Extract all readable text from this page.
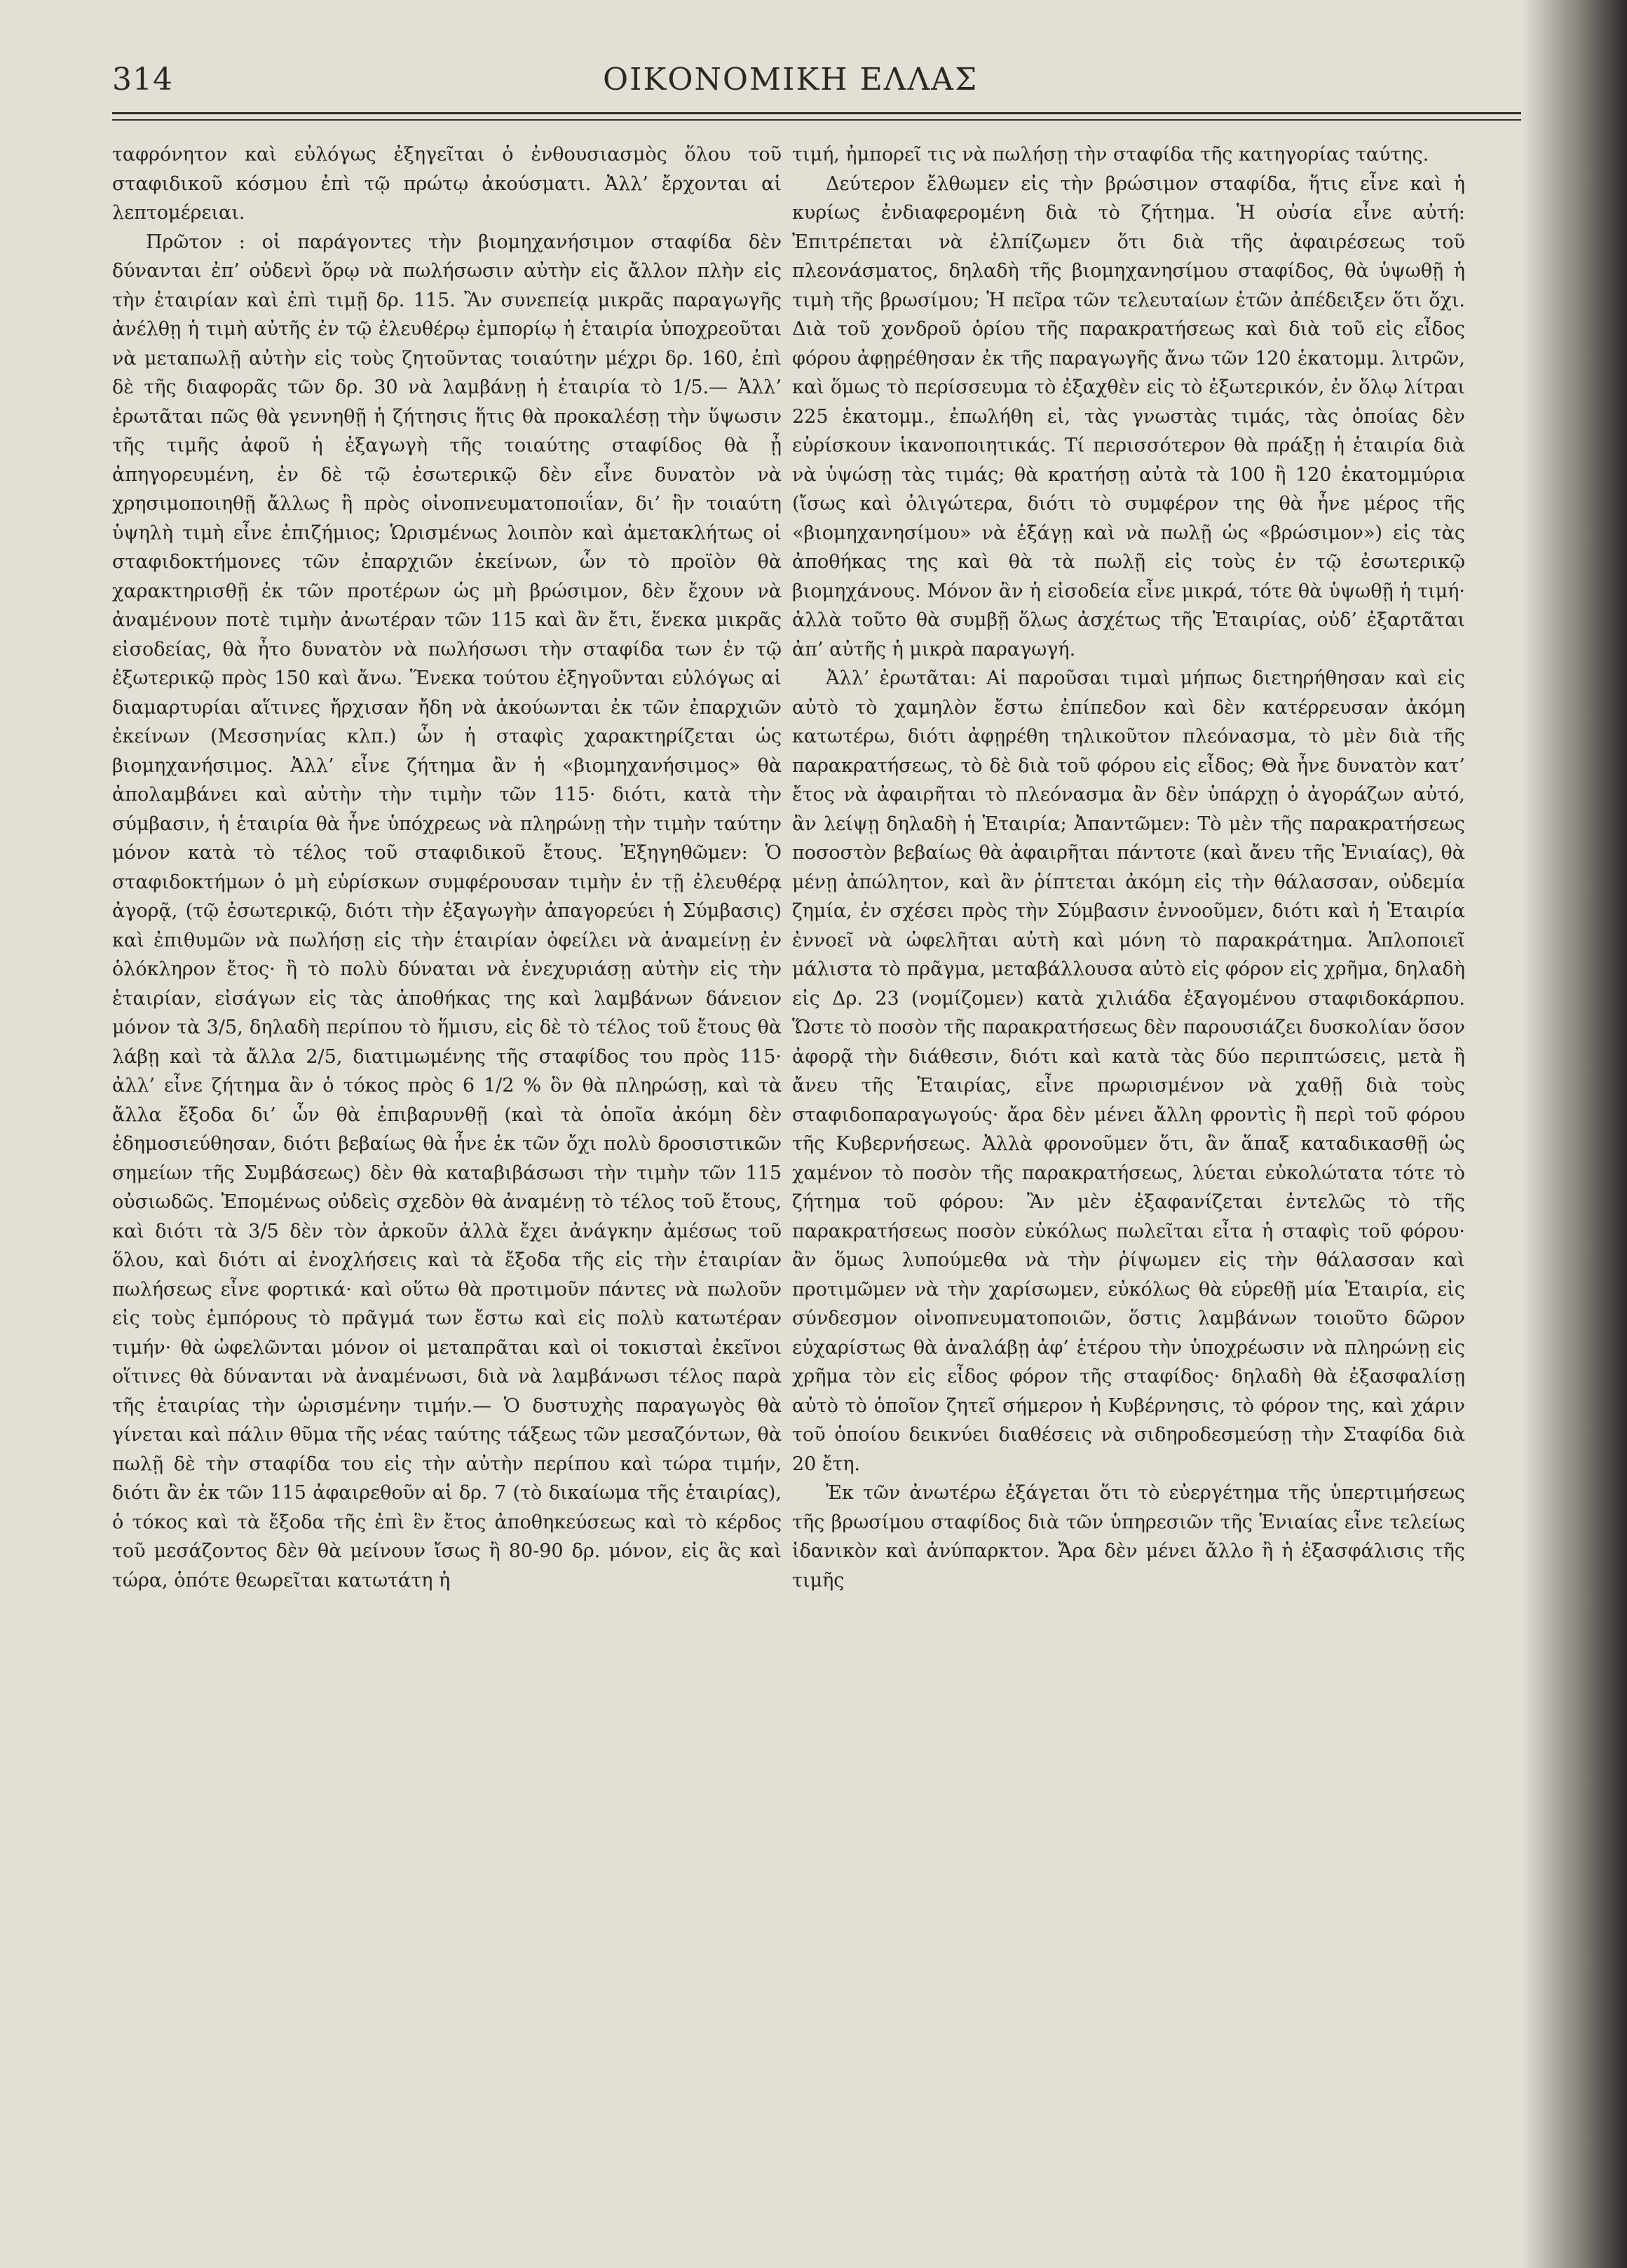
314	ΟΙΚΟΝΟΜΙΚΗ ΕΛΛΑΣ

ταφρόνητον καὶ εὐλόγως ἐξηγεῖται ὁ ἐνθουσιασμὸς ὅλου τοῦ σταφιδικοῦ κόσμου ἐπὶ τῷ πρώτῳ ἀκούσματι. Ἀλλ’ ἔρχονται αἱ λεπτομέρειαι.

Πρῶτον : οἱ παράγοντες τὴν βιομηχανήσιμον σταφίδα δὲν δύνανται ἐπ’ οὐδενὶ ὅρῳ νὰ πωλήσωσιν αὐτὴν εἰς ἄλλον πλὴν εἰς τὴν ἑταιρίαν καὶ ἐπὶ τιμῇ δρ. 115. Ἂν συνεπείᾳ μικρᾶς παραγωγῆς ἀνέλθῃ ἡ τιμὴ αὐτῆς ἐν τῷ ἐλευθέρῳ ἐμπορίῳ ἡ ἑταιρία ὑποχρεοῦται νὰ μεταπωλῇ αὐτὴν εἰς τοὺς ζητοῦντας τοιαύτην μέχρι δρ. 160, ἐπὶ δὲ τῆς διαφορᾶς τῶν δρ. 30 νὰ λαμβάνῃ ἡ ἑταιρία τὸ 1/5.— Ἀλλ’ ἐρωτᾶται πῶς θὰ γεννηθῇ ἡ ζήτησις ἥτις θὰ προκαλέσῃ τὴν ὕψωσιν τῆς τιμῆς ἀφοῦ ἡ ἐξαγωγὴ τῆς τοιαύτης σταφίδος θὰ ᾖ ἀπηγορευμένη, ἐν δὲ τῷ ἐσωτερικῷ δὲν εἶνε δυνατὸν νὰ χρησιμοποιηθῇ ἄλλως ἢ πρὸς οἰνοπνευματοποιΐαν, δι’ ἣν τοιαύτη ὑψηλὴ τιμὴ εἶνε ἐπιζήμιος; Ὡρισμένως λοιπὸν καὶ ἀμετακλήτως οἱ σταφιδοκτήμονες τῶν ἐπαρχιῶν ἐκείνων, ὧν τὸ προϊὸν θὰ χαρακτηρισθῇ ἐκ τῶν προτέρων ὡς μὴ βρώσιμον, δὲν ἔχουν νὰ ἀναμένουν ποτὲ τιμὴν ἀνωτέραν τῶν 115 καὶ ἂν ἔτι, ἕνεκα μικρᾶς εἰσοδείας, θὰ ἦτο δυνατὸν νὰ πωλήσωσι τὴν σταφίδα των ἐν τῷ ἐξωτερικῷ πρὸς 150 καὶ ἄνω. Ἕνεκα τούτου ἐξηγοῦνται εὐλόγως αἱ διαμαρτυρίαι αἵτινες ἤρχισαν ἤδη νὰ ἀκούωνται ἐκ τῶν ἐπαρχιῶν ἐκείνων (Μεσσηνίας κλπ.) ὧν ἡ σταφὶς χαρακτηρίζεται ὡς βιομηχανήσιμος. Ἀλλ’ εἶνε ζήτημα ἂν ἡ «βιομηχανήσιμος» θὰ ἀπολαμβάνει καὶ αὐτὴν τὴν τιμὴν τῶν 115· διότι, κατὰ τὴν σύμβασιν, ἡ ἑταιρία θὰ ἦνε ὑπόχρεως νὰ πληρώνῃ τὴν τιμὴν ταύτην μόνον κατὰ τὸ τέλος τοῦ σταφιδικοῦ ἔτους. Ἐξηγηθῶμεν: Ὁ σταφιδοκτήμων ὁ μὴ εὑρίσκων συμφέρουσαν τιμὴν ἐν τῇ ἐλευθέρᾳ ἀγορᾷ, (τῷ ἐσωτερικῷ, διότι τὴν ἐξαγωγὴν ἀπαγορεύει ἡ Σύμβασις) καὶ ἐπιθυμῶν νὰ πωλήσῃ εἰς τὴν ἑταιρίαν ὀφείλει νὰ ἀναμείνῃ ἐν ὁλόκληρον ἔτος· ἢ τὸ πολὺ δύναται νὰ ἐνεχυριάσῃ αὐτὴν εἰς τὴν ἑταιρίαν, εἰσάγων εἰς τὰς ἀποθήκας της καὶ λαμβάνων δάνειον μόνον τὰ 3/5, δηλαδὴ περίπου τὸ ἥμισυ, εἰς δὲ τὸ τέλος τοῦ ἔτους θὰ λάβῃ καὶ τὰ ἄλλα 2/5, διατιμωμένης τῆς σταφίδος του πρὸς 115· ἀλλ’ εἶνε ζήτημα ἂν ὁ τόκος πρὸς 6 1/2 % ὃν θὰ πληρώσῃ, καὶ τὰ ἄλλα ἔξοδα δι’ ὧν θὰ ἐπιβαρυνθῇ (καὶ τὰ ὁποῖα ἀκόμη δὲν ἐδημοσιεύθησαν, διότι βεβαίως θὰ ἦνε ἐκ τῶν ὄχι πολὺ δροσιστικῶν σημείων τῆς Συμβάσεως) δὲν θὰ καταβιβάσωσι τὴν τιμὴν τῶν 115 οὐσιωδῶς. Ἐπομένως οὐδεὶς σχεδὸν θὰ ἀναμένῃ τὸ τέλος τοῦ ἔτους, καὶ διότι τὰ 3/5 δὲν τὸν ἀρκοῦν ἀλλὰ ἔχει ἀνάγκην ἀμέσως τοῦ ὅλου, καὶ διότι αἱ ἐνοχλήσεις καὶ τὰ ἔξοδα τῆς εἰς τὴν ἑταιρίαν πωλήσεως εἶνε φορτικά· καὶ οὕτω θὰ προτιμοῦν πάντες νὰ πωλοῦν εἰς τοὺς ἐμπόρους τὸ πρᾶγμά των ἔστω καὶ εἰς πολὺ κατωτέραν τιμήν· θὰ ὠφελῶνται μόνον οἱ μεταπρᾶται καὶ οἱ τοκισταὶ ἐκεῖνοι οἵτινες θὰ δύνανται νὰ ἀναμένωσι, διὰ νὰ λαμβάνωσι τέλος παρὰ τῆς ἑταιρίας τὴν ὡρισμένην τιμήν.— Ὁ δυστυχὴς παραγωγὸς θὰ γίνεται καὶ πάλιν θῦμα τῆς νέας ταύτης τάξεως τῶν μεσαζόντων, θὰ πωλῇ δὲ τὴν σταφίδα του εἰς τὴν αὐτὴν περίπου καὶ τώρα τιμήν, διότι ἂν ἐκ τῶν 115 ἀφαιρεθοῦν αἱ δρ. 7 (τὸ δικαίωμα τῆς ἑταιρίας), ὁ τόκος καὶ τὰ ἔξοδα τῆς ἐπὶ ἓν ἔτος ἀποθηκεύσεως καὶ τὸ κέρδος τοῦ μεσάζοντος δὲν θὰ μείνουν ἴσως ἢ 80-90 δρ. μόνον, εἰς ἃς καὶ τώρα, ὁπότε θεωρεῖται κατωτάτη ἡ

τιμή, ἠμπορεῖ τις νὰ πωλήσῃ τὴν σταφίδα τῆς κατηγορίας ταύτης.

Δεύτερον ἔλθωμεν εἰς τὴν βρώσιμον σταφίδα, ἥτις εἶνε καὶ ἡ κυρίως ἐνδιαφερομένη διὰ τὸ ζήτημα. Ἡ οὐσία εἶνε αὐτή: Ἐπιτρέπεται νὰ ἐλπίζωμεν ὅτι διὰ τῆς ἀφαιρέσεως τοῦ πλεονάσματος, δηλαδὴ τῆς βιομηχανησίμου σταφίδος, θὰ ὑψωθῇ ἡ τιμὴ τῆς βρωσίμου; Ἡ πεῖρα τῶν τελευταίων ἐτῶν ἀπέδειξεν ὅτι ὄχι. Διὰ τοῦ χονδροῦ ὁρίου τῆς παρακρατήσεως καὶ διὰ τοῦ εἰς εἶδος φόρου ἀφῃρέθησαν ἐκ τῆς παραγωγῆς ἄνω τῶν 120 ἑκατομμ. λιτρῶν, καὶ ὅμως τὸ περίσσευμα τὸ ἐξαχθὲν εἰς τὸ ἐξωτερικόν, ἐν ὅλῳ λίτραι 225 ἑκατομμ., ἐπωλήθη εἰ, τὰς γνωστὰς τιμάς, τὰς ὁποίας δὲν εὑρίσκουν ἱκανοποιητικάς. Τί περισσότερον θὰ πράξῃ ἡ ἑταιρία διὰ νὰ ὑψώσῃ τὰς τιμάς; θὰ κρατήσῃ αὐτὰ τὰ 100 ἢ 120 ἑκατομμύρια (ἴσως καὶ ὀλιγώτερα, διότι τὸ συμφέρον της θὰ ἦνε μέρος τῆς «βιομηχανησίμου» νὰ ἐξάγῃ καὶ νὰ πωλῇ ὡς «βρώσιμον») εἰς τὰς ἀποθήκας της καὶ θὰ τὰ πωλῇ εἰς τοὺς ἐν τῷ ἐσωτερικῷ βιομηχάνους. Μόνον ἂν ἡ εἰσοδεία εἶνε μικρά, τότε θὰ ὑψωθῇ ἡ τιμή· ἀλλὰ τοῦτο θὰ συμβῇ ὅλως ἀσχέτως τῆς Ἑταιρίας, οὐδ’ ἐξαρτᾶται ἀπ’ αὐτῆς ἡ μικρὰ παραγωγή.

Ἀλλ’ ἐρωτᾶται: Αἱ παροῦσαι τιμαὶ μήπως διετηρήθησαν καὶ εἰς αὐτὸ τὸ χαμηλὸν ἔστω ἐπίπεδον καὶ δὲν κατέρρευσαν ἀκόμη κατωτέρω, διότι ἀφῃρέθη τηλικοῦτον πλεόνασμα, τὸ μὲν διὰ τῆς παρακρατήσεως, τὸ δὲ διὰ τοῦ φόρου εἰς εἶδος; Θὰ ἦνε δυνατὸν κατ’ ἔτος νὰ ἀφαιρῆται τὸ πλεόνασμα ἂν δὲν ὑπάρχῃ ὁ ἀγοράζων αὐτό, ἂν λείψῃ δηλαδὴ ἡ Ἑταιρία; Ἀπαντῶμεν: Τὸ μὲν τῆς παρακρατήσεως ποσοστὸν βεβαίως θὰ ἀφαιρῆται πάντοτε (καὶ ἄνευ τῆς Ἑνιαίας), θὰ μένῃ ἀπώλητον, καὶ ἂν ῥίπτεται ἀκόμη εἰς τὴν θάλασσαν, οὐδεμία ζημία, ἐν σχέσει πρὸς τὴν Σύμβασιν ἐννοοῦμεν, διότι καὶ ἡ Ἑταιρία ἐννοεῖ νὰ ὠφελῆται αὐτὴ καὶ μόνη τὸ παρακράτημα. Ἁπλοποιεῖ μάλιστα τὸ πρᾶγμα, μεταβάλλουσα αὐτὸ εἰς φόρον εἰς χρῆμα, δηλαδὴ εἰς Δρ. 23 (νομίζομεν) κατὰ χιλιάδα ἐξαγομένου σταφιδοκάρπου. Ὥστε τὸ ποσὸν τῆς παρακρατήσεως δὲν παρουσιάζει δυσκολίαν ὅσον ἀφορᾷ τὴν διάθεσιν, διότι καὶ κατὰ τὰς δύο περιπτώσεις, μετὰ ἢ ἄνευ τῆς Ἑταιρίας, εἶνε πρωρισμένον νὰ χαθῇ διὰ τοὺς σταφιδοπαραγωγούς· ἄρα δὲν μένει ἄλλη φροντὶς ἢ περὶ τοῦ φόρου τῆς Κυβερνήσεως. Ἀλλὰ φρονοῦμεν ὅτι, ἂν ἅπαξ καταδικασθῇ ὡς χαμένον τὸ ποσὸν τῆς παρακρατήσεως, λύεται εὐκολώτατα τότε τὸ ζήτημα τοῦ φόρου: Ἂν μὲν ἐξαφανίζεται ἐντελῶς τὸ τῆς παρακρατήσεως ποσὸν εὐκόλως πωλεῖται εἶτα ἡ σταφὶς τοῦ φόρου· ἂν ὅμως λυπούμεθα νὰ τὴν ῥίψωμεν εἰς τὴν θάλασσαν καὶ προτιμῶμεν νὰ τὴν χαρίσωμεν, εὐκόλως θὰ εὑρεθῇ μία Ἑταιρία, εἰς σύνδεσμον οἰνοπνευματοποιῶν, ὅστις λαμβάνων τοιοῦτο δῶρον εὐχαρίστως θὰ ἀναλάβῃ ἀφ’ ἑτέρου τὴν ὑποχρέωσιν νὰ πληρώνῃ εἰς χρῆμα τὸν εἰς εἶδος φόρον τῆς σταφίδος· δηλαδὴ θὰ ἐξασφαλίσῃ αὐτὸ τὸ ὁποῖον ζητεῖ σήμερον ἡ Κυβέρνησις, τὸ φόρον της, καὶ χάριν τοῦ ὁποίου δεικνύει διαθέσεις νὰ σιδηροδεσμεύσῃ τὴν Σταφίδα διὰ 20 ἔτη.

Ἐκ τῶν ἀνωτέρω ἐξάγεται ὅτι τὸ εὐεργέτημα τῆς ὑπερτιμήσεως τῆς βρωσίμου σταφίδος διὰ τῶν ὑπηρεσιῶν τῆς Ἑνιαίας εἶνε τελείως ἰδανικὸν καὶ ἀνύπαρκτον. Ἄρα δὲν μένει ἄλλο ἢ ἡ ἐξασφάλισις τῆς τιμῆς
